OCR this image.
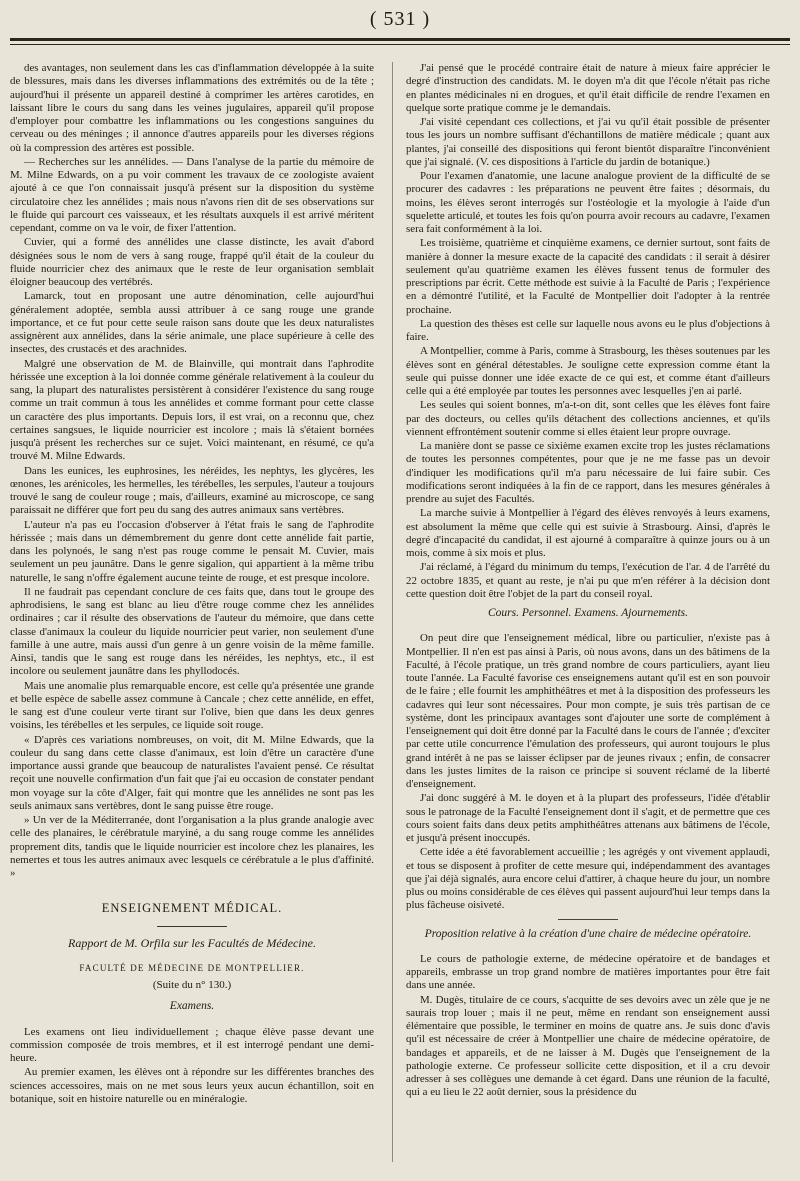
( 531 )

des avantages, non seulement dans les cas d'inflammation développée à la suite de blessures, mais dans les diverses inflammations des extrémités ou de la tête ; aujourd'hui il présente un appareil destiné à comprimer les artères carotides, en laissant libre le cours du sang dans les veines jugulaires, appareil qu'il propose d'employer pour combattre les inflammations ou les congestions sanguines du cerveau ou des méninges ; il annonce d'autres appareils pour les diverses régions où la compression des artères est possible.

— Recherches sur les annélides. — Dans l'analyse de la partie du mémoire de M. Milne Edwards, on a pu voir comment les travaux de ce zoologiste avaient ajouté à ce que l'on connaissait jusqu'à présent sur la disposition du système circulatoire chez les annélides ; mais nous n'avons rien dit de ses observations sur le fluide qui parcourt ces vaisseaux, et les résultats auxquels il est arrivé méritent cependant, comme on va le voir, de fixer l'attention.

Cuvier, qui a formé des annélides une classe distincte, les avait d'abord désignées sous le nom de vers à sang rouge, frappé qu'il était de la couleur du fluide nourricier chez des animaux que le reste de leur organisation semblait éloigner beaucoup des vertébrés.

Lamarck, tout en proposant une autre dénomination, celle aujourd'hui généralement adoptée, sembla aussi attribuer à ce sang rouge une grande importance, et ce fut pour cette seule raison sans doute que les deux naturalistes assignèrent aux annélides, dans la série animale, une place supérieure à celle des insectes, des crustacés et des arachnides.

Malgré une observation de M. de Blainville, qui montrait dans l'aphrodite hérissée une exception à la loi donnée comme générale relativement à la couleur du sang, la plupart des naturalistes persistèrent à considérer l'existence du sang rouge comme un trait commun à tous les annélides et comme formant pour cette classe un caractère des plus importants. Depuis lors, il est vrai, on a reconnu que, chez certaines sangsues, le liquide nourricier est incolore ; mais là s'étaient bornées jusqu'à présent les recherches sur ce sujet. Voici maintenant, en résumé, ce qu'a trouvé M. Milne Edwards.

Dans les eunices, les euphrosines, les néréides, les nephtys, les glycères, les œnones, les arénicoles, les hermelles, les térébelles, les serpules, l'auteur a toujours trouvé le sang de couleur rouge ; mais, d'ailleurs, examiné au microscope, ce sang paraissait ne différer que fort peu du sang des autres animaux sans vertèbres.

L'auteur n'a pas eu l'occasion d'observer à l'état frais le sang de l'aphrodite hérissée ; mais dans un démembrement du genre dont cette annélide fait partie, dans les polynoés, le sang n'est pas rouge comme le pensait M. Cuvier, mais seulement un peu jaunâtre. Dans le genre sigalion, qui appartient à la même tribu naturelle, le sang n'offre également aucune teinte de rouge, et est presque incolore.

Il ne faudrait pas cependant conclure de ces faits que, dans tout le groupe des aphrodisiens, le sang est blanc au lieu d'être rouge comme chez les annélides ordinaires ; car il résulte des observations de l'auteur du mémoire, que dans cette classe d'animaux la couleur du liquide nourricier peut varier, non seulement d'une famille à une autre, mais aussi d'un genre à un genre voisin de la même famille. Ainsi, tandis que le sang est rouge dans les néréides, les nephtys, etc., il est incolore ou seulement jaunâtre dans les phyllodocés.

Mais une anomalie plus remarquable encore, est celle qu'a présentée une grande et belle espèce de sabelle assez commune à Cancale ; chez cette annélide, en effet, le sang est d'une couleur verte tirant sur l'olive, bien que dans les deux genres voisins, les térébelles et les serpules, ce liquide soit rouge.

« D'après ces variations nombreuses, on voit, dit M. Milne Edwards, que la couleur du sang dans cette classe d'animaux, est loin d'être un caractère d'une importance aussi grande que beaucoup de naturalistes l'avaient pensé. Ce résultat reçoit une nouvelle confirmation d'un fait que j'ai eu occasion de constater pendant mon voyage sur la côte d'Alger, fait qui montre que les annélides ne sont pas les seuls animaux sans vertèbres, dont le sang puisse être rouge.

» Un ver de la Méditerranée, dont l'organisation a la plus grande analogie avec celle des planaires, le cérébratule maryiné, a du sang rouge comme les annélides proprement dits, tandis que le liquide nourricier est incolore chez les planaires, les nemertes et tous les autres animaux avec lesquels ce cérébratule a le plus d'affinité. »

ENSEIGNEMENT MÉDICAL.
Rapport de M. Orfila sur les Facultés de Médecine.
FACULTÉ DE MÉDECINE DE MONTPELLIER.
(Suite du n° 130.)
Examens.

Les examens ont lieu individuellement ; chaque élève passe devant une commission composée de trois membres, et il est interrogé pendant une demi-heure.

Au premier examen, les élèves ont à répondre sur les différentes branches des sciences accessoires, mais on ne met sous leurs yeux aucun échantillon, soit en botanique, soit en histoire naturelle ou en minéralogie.

J'ai pensé que le procédé contraire était de nature à mieux faire apprécier le degré d'instruction des candidats. M. le doyen m'a dit que l'école n'était pas riche en plantes médicinales ni en drogues, et qu'il était difficile de rendre l'examen en quelque sorte pratique comme je le demandais.

J'ai visité cependant ces collections, et j'ai vu qu'il était possible de présenter tous les jours un nombre suffisant d'échantillons de matière médicale ; quant aux plantes, j'ai conseillé des dispositions qui feront bientôt disparaître l'inconvénient que j'ai signalé. (V. ces dispositions à l'article du jardin de botanique.)

Pour l'examen d'anatomie, une lacune analogue provient de la difficulté de se procurer des cadavres : les préparations ne peuvent être faites ; désormais, du moins, les élèves seront interrogés sur l'ostéologie et la myologie à l'aide d'un squelette articulé, et toutes les fois qu'on pourra avoir recours au cadavre, l'examen sera fait conformément à la loi.

Les troisième, quatrième et cinquième examens, ce dernier surtout, sont faits de manière à donner la mesure exacte de la capacité des candidats : il serait à désirer seulement qu'au quatrième examen les élèves fussent tenus de formuler des prescriptions par écrit. Cette méthode est suivie à la Faculté de Paris ; l'expérience en a démontré l'utilité, et la Faculté de Montpellier doit l'adopter à la rentrée prochaine.

La question des thèses est celle sur laquelle nous avons eu le plus d'objections à faire.

A Montpellier, comme à Paris, comme à Strasbourg, les thèses soutenues par les élèves sont en général détestables. Je souligne cette expression comme étant la seule qui puisse donner une idée exacte de ce qui est, et comme étant d'ailleurs celle qui a été employée par toutes les personnes avec lesquelles j'en ai parlé.

Les seules qui soient bonnes, m'a-t-on dit, sont celles que les élèves font faire par des docteurs, ou celles qu'ils détachent des collections anciennes, et qu'ils viennent effrontément soutenir comme si elles étaient leur propre ouvrage.

La manière dont se passe ce sixième examen excite trop les justes réclamations de toutes les personnes compétentes, pour que je ne me fasse pas un devoir d'indiquer les modifications qu'il m'a paru nécessaire de lui faire subir. Ces modifications seront indiquées à la fin de ce rapport, dans les mesures générales à prendre au sujet des Facultés.

La marche suivie à Montpellier à l'égard des élèves renvoyés à leurs examens, est absolument la même que celle qui est suivie à Strasbourg. Ainsi, d'après le degré d'incapacité du candidat, il est ajourné à comparaître à quinze jours ou à un mois, comme à six mois et plus.

J'ai réclamé, à l'égard du minimum du temps, l'exécution de l'ar. 4 de l'arrêté du 22 octobre 1835, et quant au reste, je n'ai pu que m'en référer à la décision dont cette question doit être l'objet de la part du conseil royal.

Cours. Personnel. Examens. Ajournements.

On peut dire que l'enseignement médical, libre ou particulier, n'existe pas à Montpellier. Il n'en est pas ainsi à Paris, où nous avons, dans un des bâtimens de la Faculté, à l'école pratique, un très grand nombre de cours particuliers, ayant lieu toute l'année. La Faculté favorise ces enseignemens autant qu'il est en son pouvoir de le faire ; elle fournit les amphithéâtres et met à la disposition des professeurs les cadavres qui leur sont nécessaires. Pour mon compte, je suis très partisan de ce système, dont les principaux avantages sont d'ajouter une sorte de complément à l'enseignement qui doit être donné par la Faculté dans le cours de l'année ; d'exciter par cette utile concurrence l'émulation des professeurs, qui auront toujours le plus grand intérêt à ne pas se laisser éclipser par de jeunes rivaux ; enfin, de consacrer dans les justes limites de la raison ce principe si souvent réclamé de la liberté d'enseignement.

J'ai donc suggéré à M. le doyen et à la plupart des professeurs, l'idée d'établir sous le patronage de la Faculté l'enseignement dont il s'agit, et de permettre que ces cours soient faits dans deux petits amphithéâtres attenans aux bâtimens de l'école, et jusqu'à présent inoccupés.

Cette idée a été favorablement accueillie ; les agrégés y ont vivement applaudi, et tous se disposent à profiter de cette mesure qui, indépendamment des avantages que j'ai déjà signalés, aura encore celui d'attirer, à chaque heure du jour, un nombre plus ou moins considérable de ces élèves qui passent aujourd'hui leur temps dans la plus fâcheuse oisiveté.

Proposition relative à la création d'une chaire de médecine opératoire.

Le cours de pathologie externe, de médecine opératoire et de bandages et appareils, embrasse un trop grand nombre de matières importantes pour être fait dans une année.

M. Dugès, titulaire de ce cours, s'acquitte de ses devoirs avec un zèle que je ne saurais trop louer ; mais il ne peut, même en rendant son enseignement aussi élémentaire que possible, le terminer en moins de quatre ans. Je suis donc d'avis qu'il est nécessaire de créer à Montpellier une chaire de médecine opératoire, de bandages et appareils, et de ne laisser à M. Dugès que l'enseignement de la pathologie externe. Ce professeur sollicite cette disposition, et il a cru devoir adresser à ses collègues une demande à cet égard. Dans une réunion de la faculté, qui a eu lieu le 22 août dernier, sous la présidence du
